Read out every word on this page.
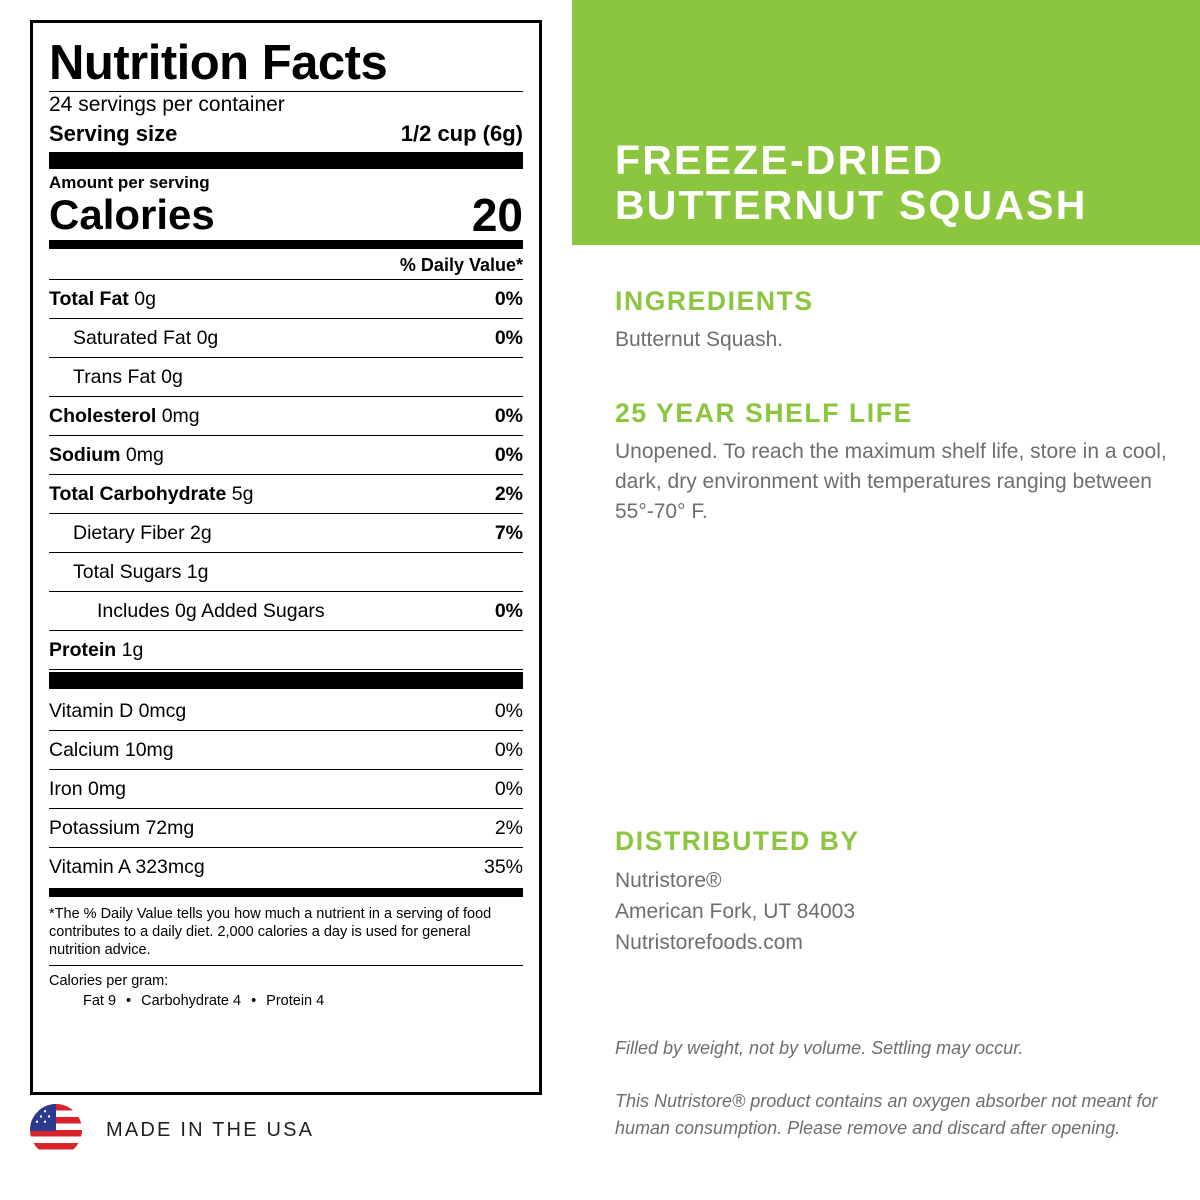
FREEZE-DRIED
BUTTERNUT SQUASH
Nutrition Facts
24 servings per container
Serving size	1/2 cup (6g)
Amount per serving
Calories	20
% Daily Value*
Total Fat 0g	0%
Saturated Fat 0g	0%
Trans Fat 0g
Cholesterol 0mg	0%
Sodium 0mg	0%
Total Carbohydrate 5g	2%
Dietary Fiber 2g	7%
Total Sugars 1g
Includes 0g Added Sugars	0%
Protein 1g
Vitamin D 0mcg	0%
Calcium 10mg	0%
Iron 0mg	0%
Potassium 72mg	2%
Vitamin A 323mcg	35%
*The % Daily Value tells you how much a nutrient in a serving of food contributes to a daily diet. 2,000 calories a day is used for general nutrition advice.
Calories per gram:
Fat 9 • Carbohydrate 4 • Protein 4
MADE IN THE USA
INGREDIENTS
Butternut Squash.
25 YEAR SHELF LIFE
Unopened. To reach the maximum shelf life, store in a cool, dark, dry environment with temperatures ranging between 55°-70° F.
DISTRIBUTED BY
Nutristore®
American Fork, UT 84003
Nutristorefoods.com

Filled by weight, not by volume. Settling may occur.

This Nutristore® product contains an oxygen absorber not meant for human consumption. Please remove and discard after opening.
